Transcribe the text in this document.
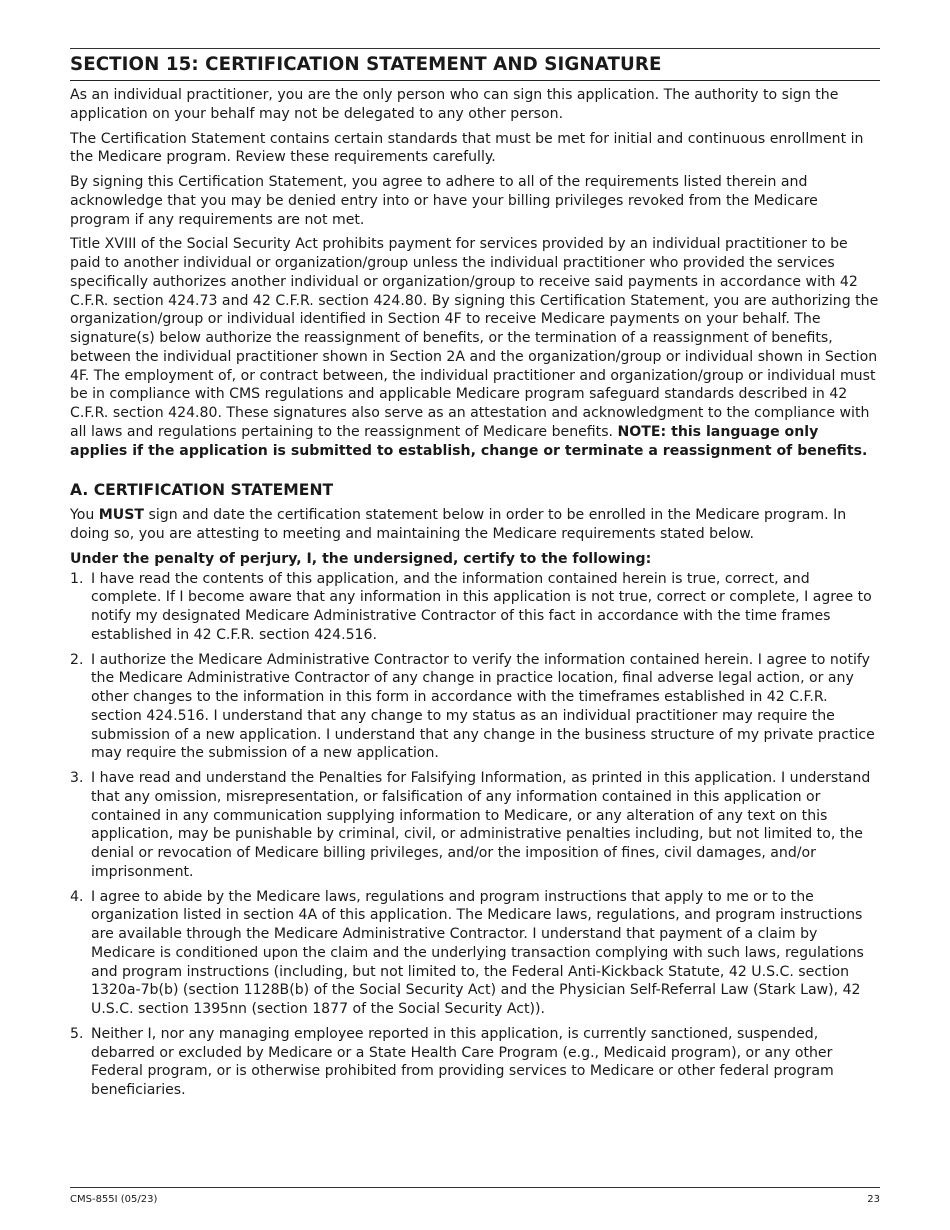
SECTION 15: CERTIFICATION STATEMENT AND SIGNATURE

As an individual practitioner, you are the only person who can sign this application. The authority to sign the application on your behalf may not be delegated to any other person.

The Certification Statement contains certain standards that must be met for initial and continuous enrollment in the Medicare program. Review these requirements carefully.

By signing this Certification Statement, you agree to adhere to all of the requirements listed therein and acknowledge that you may be denied entry into or have your billing privileges revoked from the Medicare program if any requirements are not met.

Title XVIII of the Social Security Act prohibits payment for services provided by an individual practitioner to be paid to another individual or organization/group unless the individual practitioner who provided the services specifically authorizes another individual or organization/group to receive said payments in accordance with 42 C.F.R. section 424.73 and 42 C.F.R. section 424.80. By signing this Certification Statement, you are authorizing the organization/group or individual identified in Section 4F to receive Medicare payments on your behalf. The signature(s) below authorize the reassignment of benefits, or the termination of a reassignment of benefits, between the individual practitioner shown in Section 2A and the organization/group or individual shown in Section 4F. The employment of, or contract between, the individual practitioner and organization/group or individual must be in compliance with CMS regulations and applicable Medicare program safeguard standards described in 42 C.F.R. section 424.80. These signatures also serve as an attestation and acknowledgment to the compliance with all laws and regulations pertaining to the reassignment of Medicare benefits. NOTE: this language only applies if the application is submitted to establish, change or terminate a reassignment of benefits.

A. CERTIFICATION STATEMENT

You MUST sign and date the certification statement below in order to be enrolled in the Medicare program. In doing so, you are attesting to meeting and maintaining the Medicare requirements stated below.

Under the penalty of perjury, I, the undersigned, certify to the following:

1. I have read the contents of this application, and the information contained herein is true, correct, and complete. If I become aware that any information in this application is not true, correct or complete, I agree to notify my designated Medicare Administrative Contractor of this fact in accordance with the time frames established in 42 C.F.R. section 424.516.
2. I authorize the Medicare Administrative Contractor to verify the information contained herein. I agree to notify the Medicare Administrative Contractor of any change in practice location, final adverse legal action, or any other changes to the information in this form in accordance with the timeframes established in 42 C.F.R. section 424.516. I understand that any change to my status as an individual practitioner may require the submission of a new application. I understand that any change in the business structure of my private practice may require the submission of a new application.
3. I have read and understand the Penalties for Falsifying Information, as printed in this application. I understand that any omission, misrepresentation, or falsification of any information contained in this application or contained in any communication supplying information to Medicare, or any alteration of any text on this application, may be punishable by criminal, civil, or administrative penalties including, but not limited to, the denial or revocation of Medicare billing privileges, and/or the imposition of fines, civil damages, and/or imprisonment.
4. I agree to abide by the Medicare laws, regulations and program instructions that apply to me or to the organization listed in section 4A of this application. The Medicare laws, regulations, and program instructions are available through the Medicare Administrative Contractor. I understand that payment of a claim by Medicare is conditioned upon the claim and the underlying transaction complying with such laws, regulations and program instructions (including, but not limited to, the Federal Anti-Kickback Statute, 42 U.S.C. section 1320a-7b(b) (section 1128B(b) of the Social Security Act) and the Physician Self-Referral Law (Stark Law), 42 U.S.C. section 1395nn (section 1877 of the Social Security Act)).
5. Neither I, nor any managing employee reported in this application, is currently sanctioned, suspended, debarred or excluded by Medicare or a State Health Care Program (e.g., Medicaid program), or any other Federal program, or is otherwise prohibited from providing services to Medicare or other federal program beneficiaries.
CMS-855I (05/23)	23
